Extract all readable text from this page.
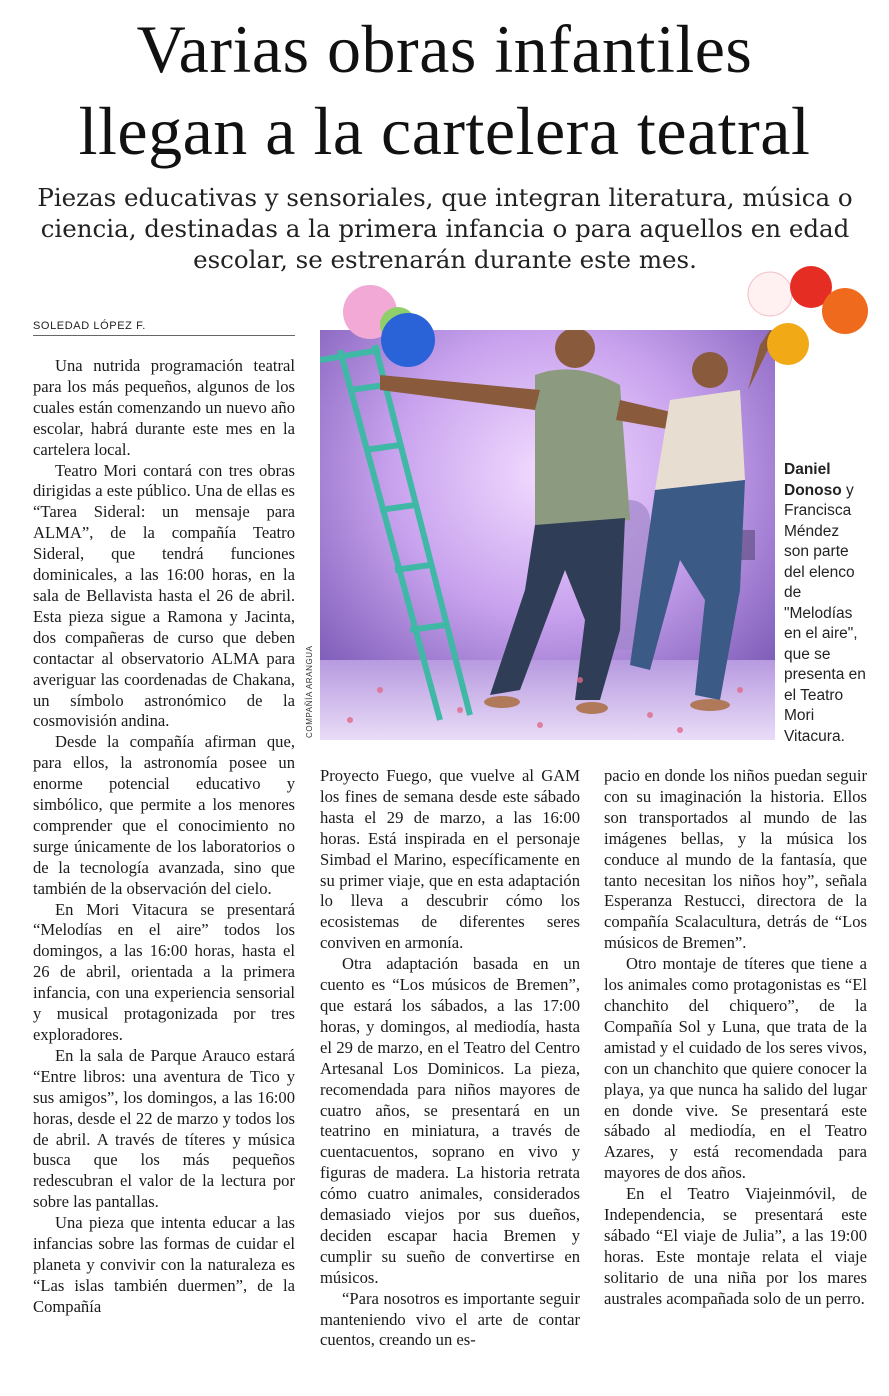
Varias obras infantiles
llegan a la cartelera teatral

Piezas educativas y sensoriales, que integran literatura, música o ciencia, destinadas a la primera infancia o para aquellos en edad escolar, se estrenarán durante este mes.

SOLEDAD LÓPEZ F.

Una nutrida programación teatral para los más pequeños, algunos de los cuales están comenzando un nuevo año escolar, habrá durante este mes en la cartelera local.

Teatro Mori contará con tres obras dirigidas a este público. Una de ellas es “Tarea Sideral: un mensaje para ALMA”, de la compañía Teatro Sideral, que tendrá funciones dominicales, a las 16:00 horas, en la sala de Bellavista hasta el 26 de abril. Esta pieza sigue a Ramona y Jacinta, dos compañeras de curso que deben contactar al observatorio ALMA para averiguar las coordenadas de Chakana, un símbolo astronómico de la cosmovisión andina.

Desde la compañía afirman que, para ellos, la astronomía posee un enorme potencial educativo y simbólico, que permite a los menores comprender que el conocimiento no surge únicamente de los laboratorios o de la tecnología avanzada, sino que también de la observación del cielo.

En Mori Vitacura se presentará “Melodías en el aire” todos los domingos, a las 16:00 horas, hasta el 26 de abril, orientada a la primera infancia, con una experiencia sensorial y musical protagonizada por tres exploradores.

En la sala de Parque Arauco estará “Entre libros: una aventura de Tico y sus amigos”, los domingos, a las 16:00 horas, desde el 22 de marzo y todos los de abril. A través de títeres y música busca que los más pequeños redescubran el valor de la lectura por sobre las pantallas.

Una pieza que intenta educar a las infancias sobre las formas de cuidar el planeta y convivir con la naturaleza es “Las islas también duermen”, de la Compañía

COMPAÑÍA ARANGUA
Daniel Donoso y Francisca Méndez son parte del elenco de "Melodías en el aire", que se presenta en el Teatro Mori Vitacura.

Proyecto Fuego, que vuelve al GAM los fines de semana desde este sábado hasta el 29 de marzo, a las 16:00 horas. Está inspirada en el personaje Simbad el Marino, específicamente en su primer viaje, que en esta adaptación lo lleva a descubrir cómo los ecosistemas de diferentes seres conviven en armonía.

Otra adaptación basada en un cuento es “Los músicos de Bremen”, que estará los sábados, a las 17:00 horas, y domingos, al mediodía, hasta el 29 de marzo, en el Teatro del Centro Artesanal Los Dominicos. La pieza, recomendada para niños mayores de cuatro años, se presentará en un teatrino en miniatura, a través de cuentacuentos, soprano en vivo y figuras de madera. La historia retrata cómo cuatro animales, considerados demasiado viejos por sus dueños, deciden escapar hacia Bremen y cumplir su sueño de convertirse en músicos.

“Para nosotros es importante seguir manteniendo vivo el arte de contar cuentos, creando un es-

pacio en donde los niños puedan seguir con su imaginación la historia. Ellos son transportados al mundo de las imágenes bellas, y la música los conduce al mundo de la fantasía, que tanto necesitan los niños hoy”, señala Esperanza Restucci, directora de la compañía Scalacultura, detrás de “Los músicos de Bremen”.

Otro montaje de títeres que tiene a los animales como protagonistas es “El chanchito del chiquero”, de la Compañía Sol y Luna, que trata de la amistad y el cuidado de los seres vivos, con un chanchito que quiere conocer la playa, ya que nunca ha salido del lugar en donde vive. Se presentará este sábado al mediodía, en el Teatro Azares, y está recomendada para mayores de dos años.

En el Teatro Viajeinmóvil, de Independencia, se presentará este sábado “El viaje de Julia”, a las 19:00 horas. Este montaje relata el viaje solitario de una niña por los mares australes acompañada solo de un perro.
